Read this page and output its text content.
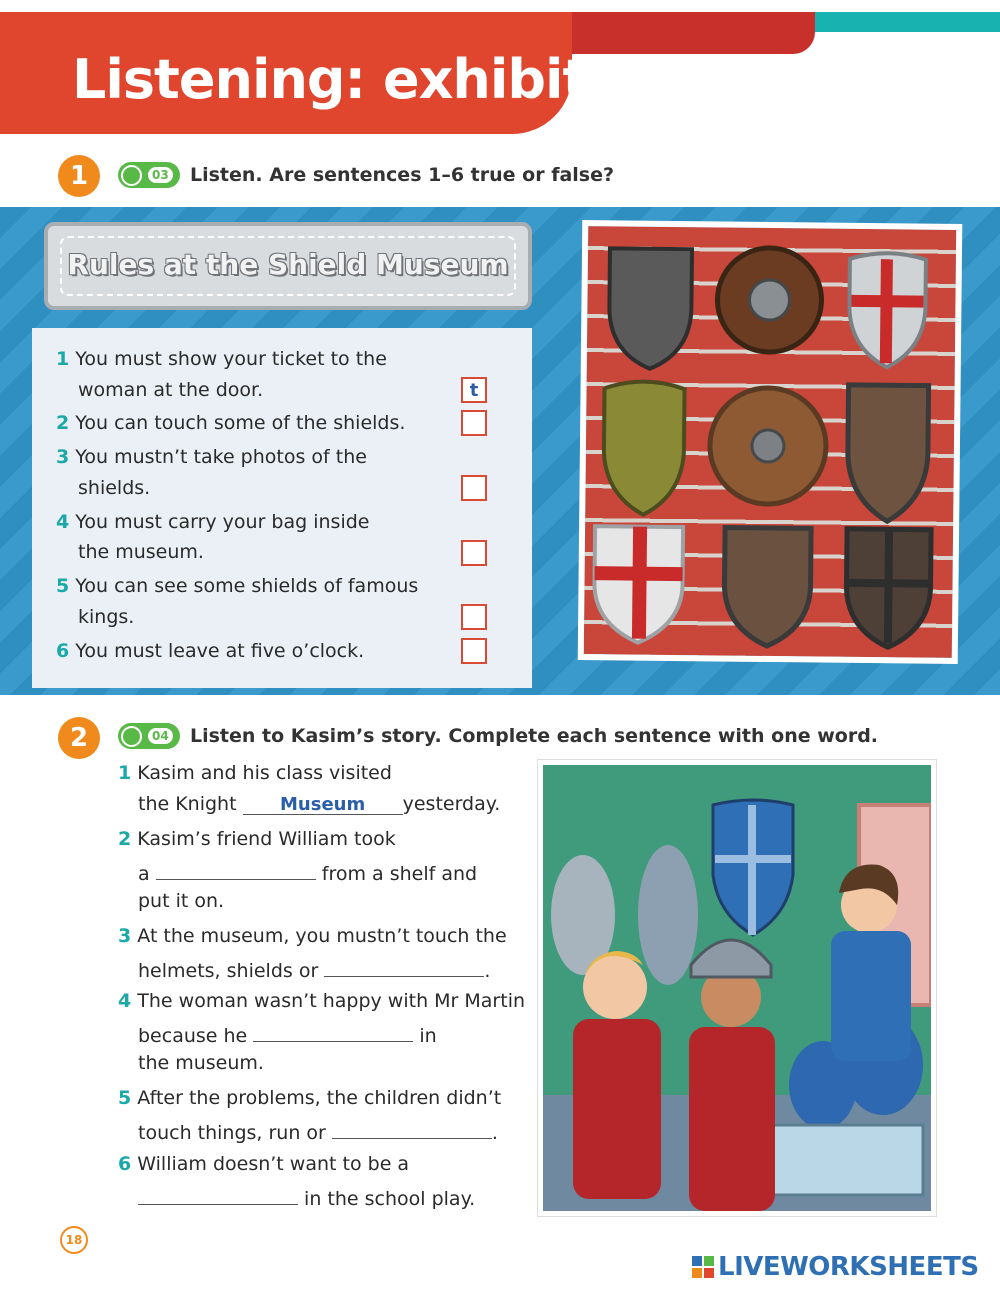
Listening: exhibits
1	03 Listen. Are sentences 1–6 true or false?
Rules at the Shield Museum
1 You must show your ticket to the
woman at the door.	t
2 You can touch some of the shields.
3 You mustn’t take photos of the
shields.
4 You must carry your bag inside
the museum.
5 You can see some shields of famous
kings.
6 You must leave at five o’clock.
2	04 Listen to Kasim’s story. Complete each sentence with one word.
1 Kasim and his class visited
the Knight Museum yesterday.
2 Kasim’s friend William took
a	from a shelf and
put it on.
3 At the museum, you mustn’t touch the
helmets, shields or	.
4 The woman wasn’t happy with Mr Martin
because he	in
the museum.
5 After the problems, the children didn’t
touch things, run or	.
6 William doesn’t want to be a
in the school play.
18
LIVEWORKSHEETS
